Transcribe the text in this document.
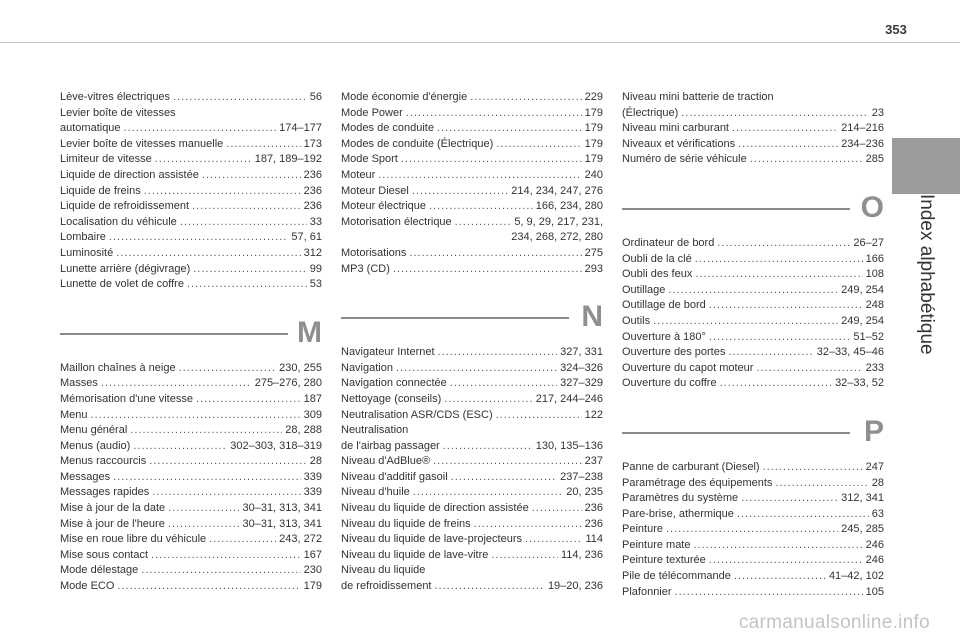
353
Index alphabétique
Lève-vitres électriques .....	56
Levier boîte de vitesses
automatique .....	174–177
Levier boîte de vitesses manuelle .....	173
Limiteur de vitesse .....	187, 189–192
Liquide de direction assistée .....	236
Liquide de freins .....	236
Liquide de refroidissement .....	236
Localisation du véhicule .....	33
Lombaire .....	57, 61
Luminosité .....	312
Lunette arrière (dégivrage) .....	99
Lunette de volet de coffre .....	53
M
Maillon chaînes à neige .....	230, 255
Masses .....	275–276, 280
Mémorisation d'une vitesse .....	187
Menu .....	309
Menu général .....	28, 288
Menus (audio) .....	302–303, 318–319
Menus raccourcis .....	28
Messages .....	339
Messages rapides .....	339
Mise à jour de la date .....	30–31, 313, 341
Mise à jour de l'heure .....	30–31, 313, 341
Mise en roue libre du véhicule .....	243, 272
Mise sous contact .....	167
Mode délestage .....	230
Mode ECO .....	179
Mode économie d'énergie .....	229
Mode Power .....	179
Modes de conduite .....	179
Modes de conduite (Électrique) .....	179
Mode Sport .....	179
Moteur .....	240
Moteur Diesel .....	214, 234, 247, 276
Moteur électrique .....	166, 234, 280
Motorisation électrique .....	5, 9, 29, 217, 231,
234, 268, 272, 280
Motorisations .....	275
MP3 (CD) .....	293
N
Navigateur Internet .....	327, 331
Navigation .....	324–326
Navigation connectée .....	327–329
Nettoyage (conseils) .....	217, 244–246
Neutralisation ASR/CDS (ESC) .....	122
Neutralisation
de l'airbag passager .....	130, 135–136
Niveau d'AdBlue® .....	237
Niveau d'additif gasoil .....	237–238
Niveau d'huile .....	20, 235
Niveau du liquide de direction assistée .....	236
Niveau du liquide de freins .....	236
Niveau du liquide de lave-projecteurs .....	114
Niveau du liquide de lave-vitre .....	114, 236
Niveau du liquide
de refroidissement .....	19–20, 236
Niveau mini batterie de traction
(Électrique) .....	23
Niveau mini carburant .....	214–216
Niveaux et vérifications .....	234–236
Numéro de série véhicule .....	285
O
Ordinateur de bord .....	26–27
Oubli de la clé .....	166
Oubli des feux .....	108
Outillage .....	249, 254
Outillage de bord .....	248
Outils .....	249, 254
Ouverture à 180° .....	51–52
Ouverture des portes .....	32–33, 45–46
Ouverture du capot moteur .....	233
Ouverture du coffre .....	32–33, 52
P
Panne de carburant (Diesel) .....	247
Paramétrage des équipements .....	28
Paramètres du système .....	312, 341
Pare-brise, athermique .....	63
Peinture .....	245, 285
Peinture mate .....	246
Peinture texturée .....	246
Pile de télécommande .....	41–42, 102
Plafonnier .....	105
carmanualsonline.info
